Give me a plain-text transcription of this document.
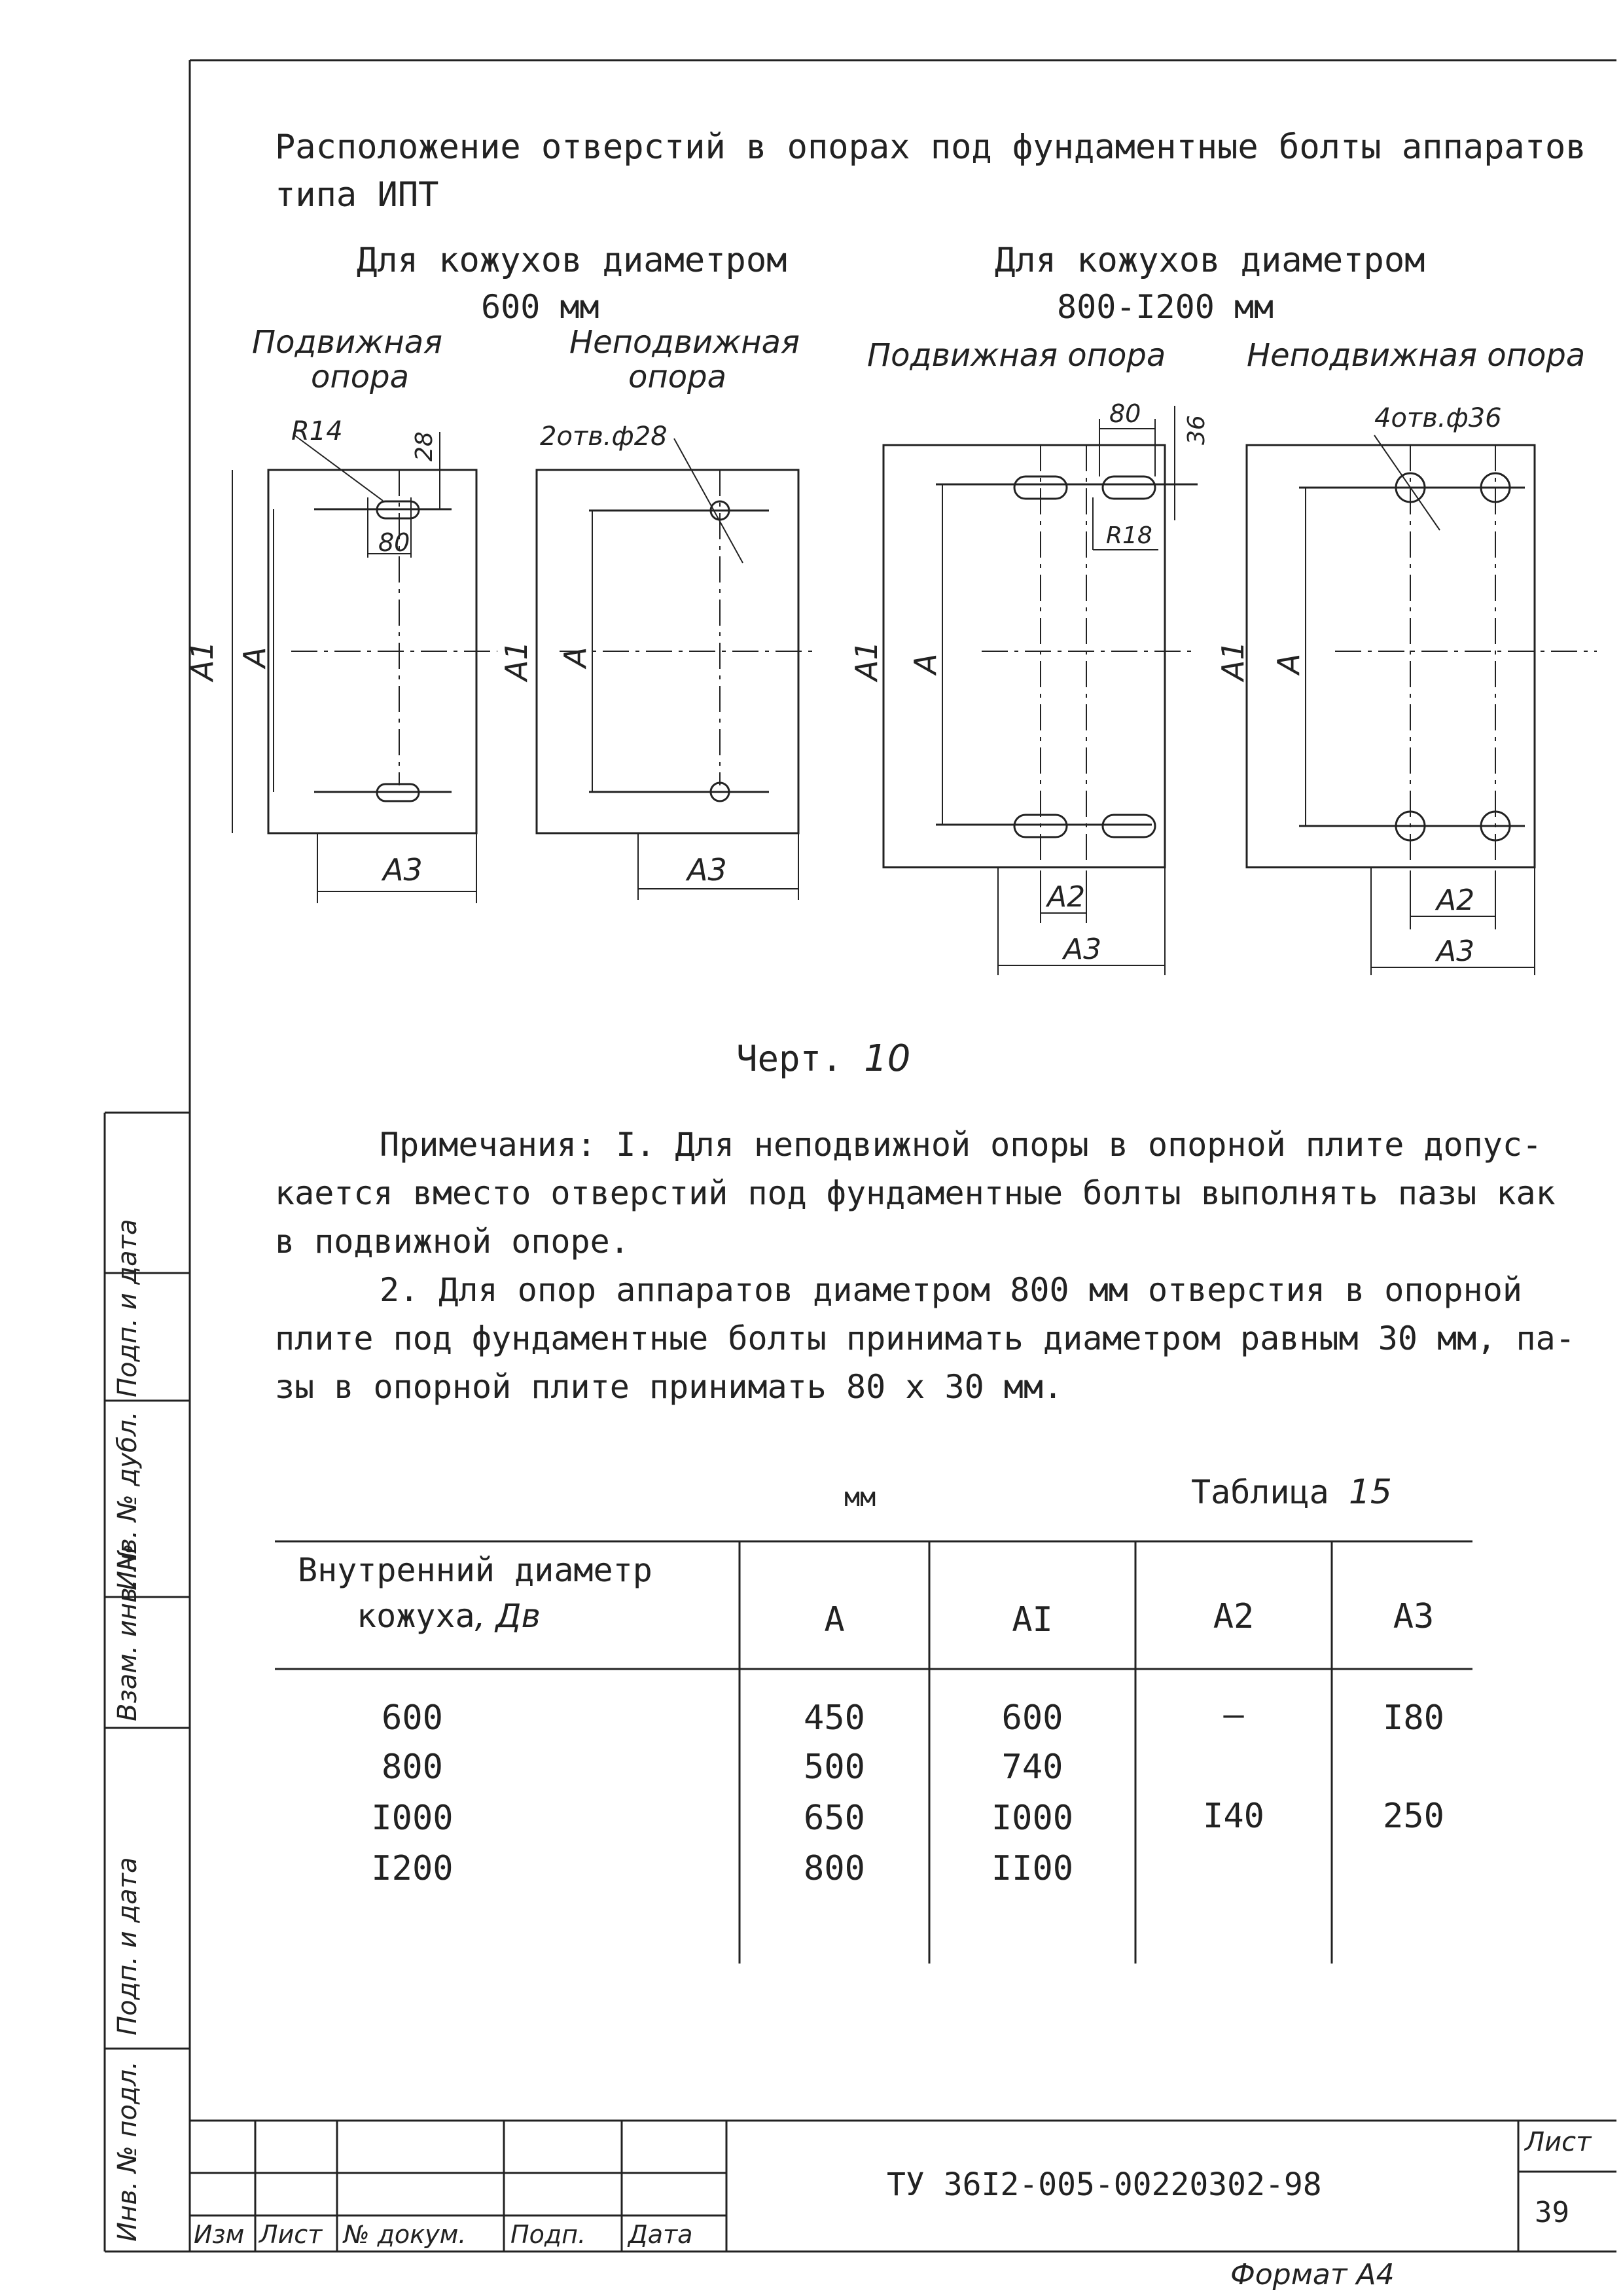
R14
28
80
A1 A
A3
2отв.ф28
A1 A
A3
80
36
R18
A1 A
A2
A3
4отв.ф36
A1 A
A2
A3
Расположение отверстий в опорах под фундаментные болты аппаратов
типа ИПТ
Для кожухов диаметром
600 мм
Для кожухов диаметром
800-I200 мм
Подвижная
опора
Неподвижная
опора
Подвижная опора	Неподвижная опора
Черт. 10
Примечания: I. Для неподвижной опоры в опорной плите допус-
кается вместо отверстий под фундаментные болты выполнять пазы как
в подвижной опоре.
2. Для опор аппаратов диаметром 800 мм отверстия в опорной
плите под фундаментные болты принимать диаметром равным 30 мм, па-
зы в опорной плите принимать 80 х 30 мм.
Таблица 15
мм
Внутренний диаметр
кожуха, Дв	A	AI	A2	A3
600	450	600	—	I80
800	500	740
I000	650	I000	I40	250
I200	800	II00
Инв. № подл.
Подп. и дата
Взам. инв. №
Инв. № дубл.
Подп. и дата
Изм Лист № докум. Подп. Дата
ТУ 36I2-005-00220302-98
Лист
39
Формат А4
